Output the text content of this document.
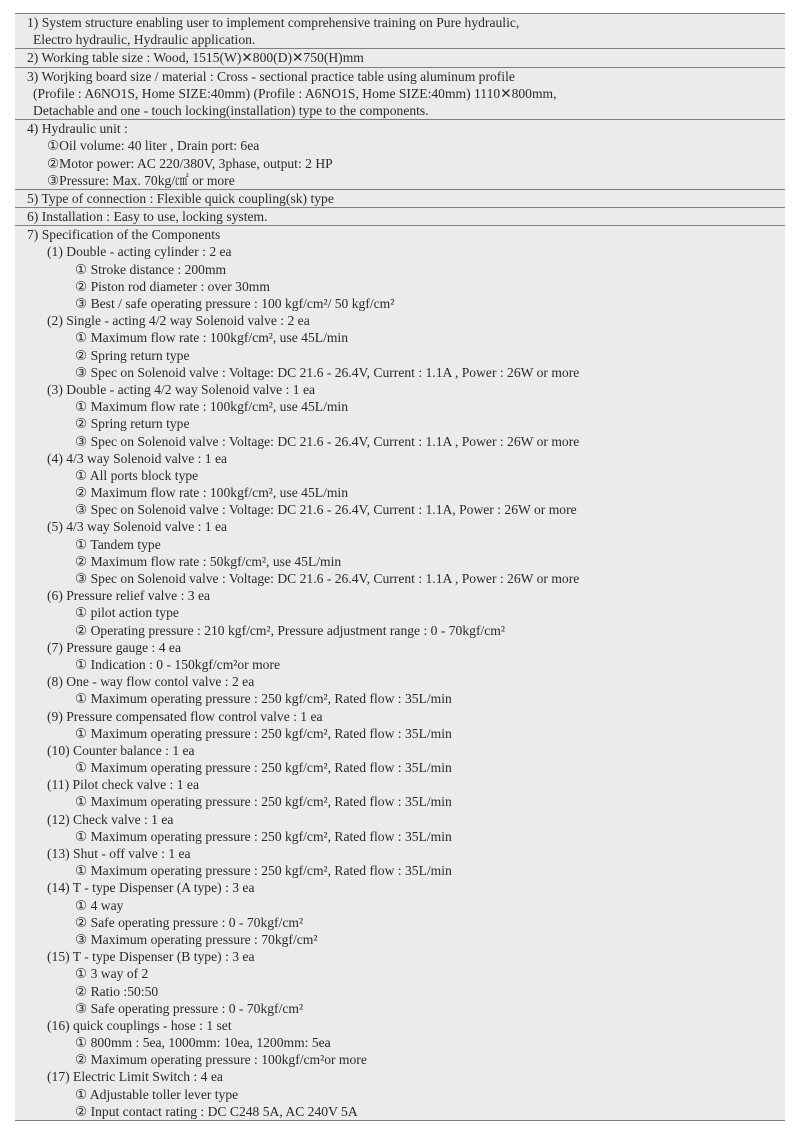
1) System structure enabling user to implement comprehensive training on Pure hydraulic,
Electro hydraulic, Hydraulic application.
2) Working table size : Wood, 1515(W)✕800(D)✕750(H)mm
3) Worjking board size / material : Cross - sectional practice table using aluminum profile
(Profile : A6NO1S, Home SIZE:40mm) (Profile : A6NO1S, Home SIZE:40mm) 1110✕800mm,
Detachable and one - touch locking(installation) type to the components.
4) Hydraulic unit :
①Oil volume: 40 liter , Drain port: 6ea
②Motor power: AC 220/380V, 3phase, output: 2 HP
③Pressure: Max. 70kg/㎠ or more
5) Type of connection : Flexible quick coupling(sk) type
6) Installation : Easy to use, locking system.
7) Specification of the Components
(1) Double - acting cylinder : 2 ea
① Stroke distance : 200mm
② Piston rod diameter : over 30mm
③ Best / safe operating pressure : 100 kgf/cm²/ 50 kgf/cm²
(2) Single - acting 4/2 way Solenoid valve : 2 ea
① Maximum flow rate : 100kgf/cm², use 45L/min
② Spring return type
③ Spec on Solenoid valve : Voltage: DC 21.6 - 26.4V, Current : 1.1A , Power : 26W or more
(3) Double - acting 4/2 way Solenoid valve : 1 ea
① Maximum flow rate : 100kgf/cm², use 45L/min
② Spring return type
③ Spec on Solenoid valve : Voltage: DC 21.6 - 26.4V, Current : 1.1A , Power : 26W or more
(4) 4/3 way Solenoid valve : 1 ea
① All ports block type
② Maximum flow rate : 100kgf/cm², use 45L/min
③ Spec on Solenoid valve : Voltage: DC 21.6 - 26.4V, Current : 1.1A, Power : 26W or more
(5) 4/3 way Solenoid valve : 1 ea
① Tandem type
② Maximum flow rate : 50kgf/cm², use 45L/min
③ Spec on Solenoid valve : Voltage: DC 21.6 - 26.4V, Current : 1.1A , Power : 26W or more
(6) Pressure relief valve : 3 ea
① pilot action type
② Operating pressure : 210 kgf/cm², Pressure adjustment range : 0 - 70kgf/cm²
(7) Pressure gauge : 4 ea
① Indication : 0 - 150kgf/cm²or more
(8) One - way flow contol valve : 2 ea
① Maximum operating pressure : 250 kgf/cm², Rated flow : 35L/min
(9) Pressure compensated flow control valve : 1 ea
① Maximum operating pressure : 250 kgf/cm², Rated flow : 35L/min
(10) Counter balance : 1 ea
① Maximum operating pressure : 250 kgf/cm², Rated flow : 35L/min
(11) Pilot check valve : 1 ea
① Maximum operating pressure : 250 kgf/cm², Rated flow : 35L/min
(12) Check valve : 1 ea
① Maximum operating pressure : 250 kgf/cm², Rated flow : 35L/min
(13) Shut - off valve : 1 ea
① Maximum operating pressure : 250 kgf/cm², Rated flow : 35L/min
(14) T - type Dispenser (A type) : 3 ea
① 4 way
② Safe operating pressure : 0 - 70kgf/cm²
③ Maximum operating pressure : 70kgf/cm²
(15) T - type Dispenser (B type) : 3 ea
① 3 way of 2
② Ratio :50:50
③ Safe operating pressure : 0 - 70kgf/cm²
(16) quick couplings - hose : 1 set
① 800mm : 5ea, 1000mm: 10ea, 1200mm: 5ea
② Maximum operating pressure : 100kgf/cm²or more
(17) Electric Limit Switch : 4 ea
① Adjustable toller lever type
② Input contact rating : DC C248 5A, AC 240V 5A
